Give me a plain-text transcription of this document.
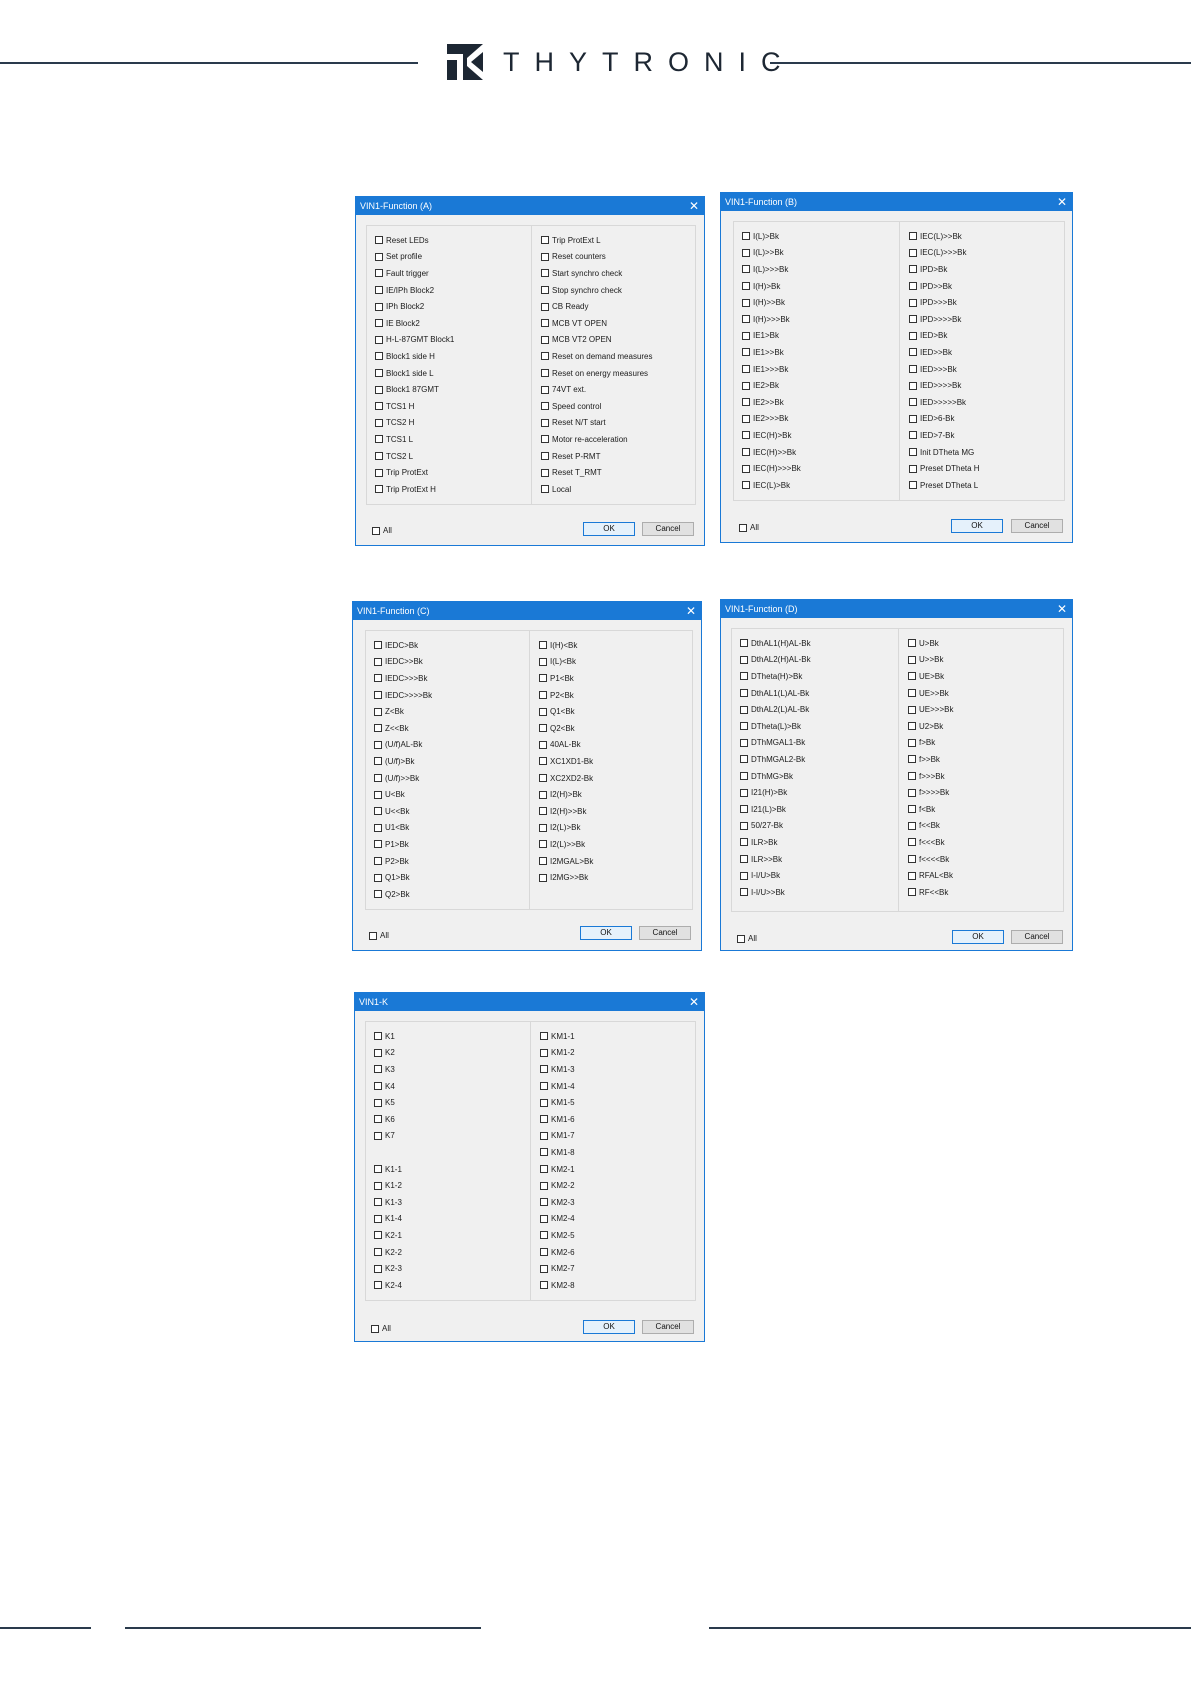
THYTRONIC
VIN1-Function (A)	✕
Reset LEDs
Set profile
Fault trigger
IE/IPh Block2
IPh Block2
IE Block2
H-L-87GMT Block1
Block1 side H
Block1 side L
Block1 87GMT
TCS1 H
TCS2 H
TCS1 L
TCS2 L
Trip ProtExt
Trip ProtExt H
Trip ProtExt L
Reset counters
Start synchro check
Stop synchro check
CB Ready
MCB VT OPEN
MCB VT2 OPEN
Reset on demand measures
Reset on energy measures
74VT ext.
Speed control
Reset N/T start
Motor re-acceleration
Reset P-RMT
Reset T_RMT
Local
All	OK	Cancel
VIN1-Function (B)	✕
I(L)>Bk
I(L)>>Bk
I(L)>>>Bk
I(H)>Bk
I(H)>>Bk
I(H)>>>Bk
IE1>Bk
IE1>>Bk
IE1>>>Bk
IE2>Bk
IE2>>Bk
IE2>>>Bk
IEC(H)>Bk
IEC(H)>>Bk
IEC(H)>>>Bk
IEC(L)>Bk
IEC(L)>>Bk
IEC(L)>>>Bk
IPD>Bk
IPD>>Bk
IPD>>>Bk
IPD>>>>Bk
IED>Bk
IED>>Bk
IED>>>Bk
IED>>>>Bk
IED>>>>>Bk
IED>6-Bk
IED>7-Bk
Init DTheta MG
Preset DTheta H
Preset DTheta L
All	OK	Cancel
VIN1-Function (C)	✕
IEDC>Bk
IEDC>>Bk
IEDC>>>Bk
IEDC>>>>Bk
Z<Bk
Z<<Bk
(U/f)AL-Bk
(U/f)>Bk
(U/f)>>Bk
U<Bk
U<<Bk
U1<Bk
P1>Bk
P2>Bk
Q1>Bk
Q2>Bk
I(H)<Bk
I(L)<Bk
P1<Bk
P2<Bk
Q1<Bk
Q2<Bk
40AL-Bk
XC1XD1-Bk
XC2XD2-Bk
I2(H)>Bk
I2(H)>>Bk
I2(L)>Bk
I2(L)>>Bk
I2MGAL>Bk
I2MG>>Bk
All	OK	Cancel
VIN1-Function (D)	✕
DthAL1(H)AL-Bk
DthAL2(H)AL-Bk
DTheta(H)>Bk
DthAL1(L)AL-Bk
DthAL2(L)AL-Bk
DTheta(L)>Bk
DThMGAL1-Bk
DThMGAL2-Bk
DThMG>Bk
I21(H)>Bk
I21(L)>Bk
50/27-Bk
ILR>Bk
ILR>>Bk
I-I/U>Bk
I-I/U>>Bk
U>Bk
U>>Bk
UE>Bk
UE>>Bk
UE>>>Bk
U2>Bk
f>Bk
f>>Bk
f>>>Bk
f>>>>Bk
f<Bk
f<<Bk
f<<<Bk
f<<<<Bk
RFAL<Bk
RF<<Bk
All	OK	Cancel
VIN1-K	✕
K1
K2
K3
K4
K5
K6
K7
K1-1
K1-2
K1-3
K1-4
K2-1
K2-2
K2-3
K2-4
KM1-1
KM1-2
KM1-3
KM1-4
KM1-5
KM1-6
KM1-7
KM1-8
KM2-1
KM2-2
KM2-3
KM2-4
KM2-5
KM2-6
KM2-7
KM2-8
All	OK	Cancel
